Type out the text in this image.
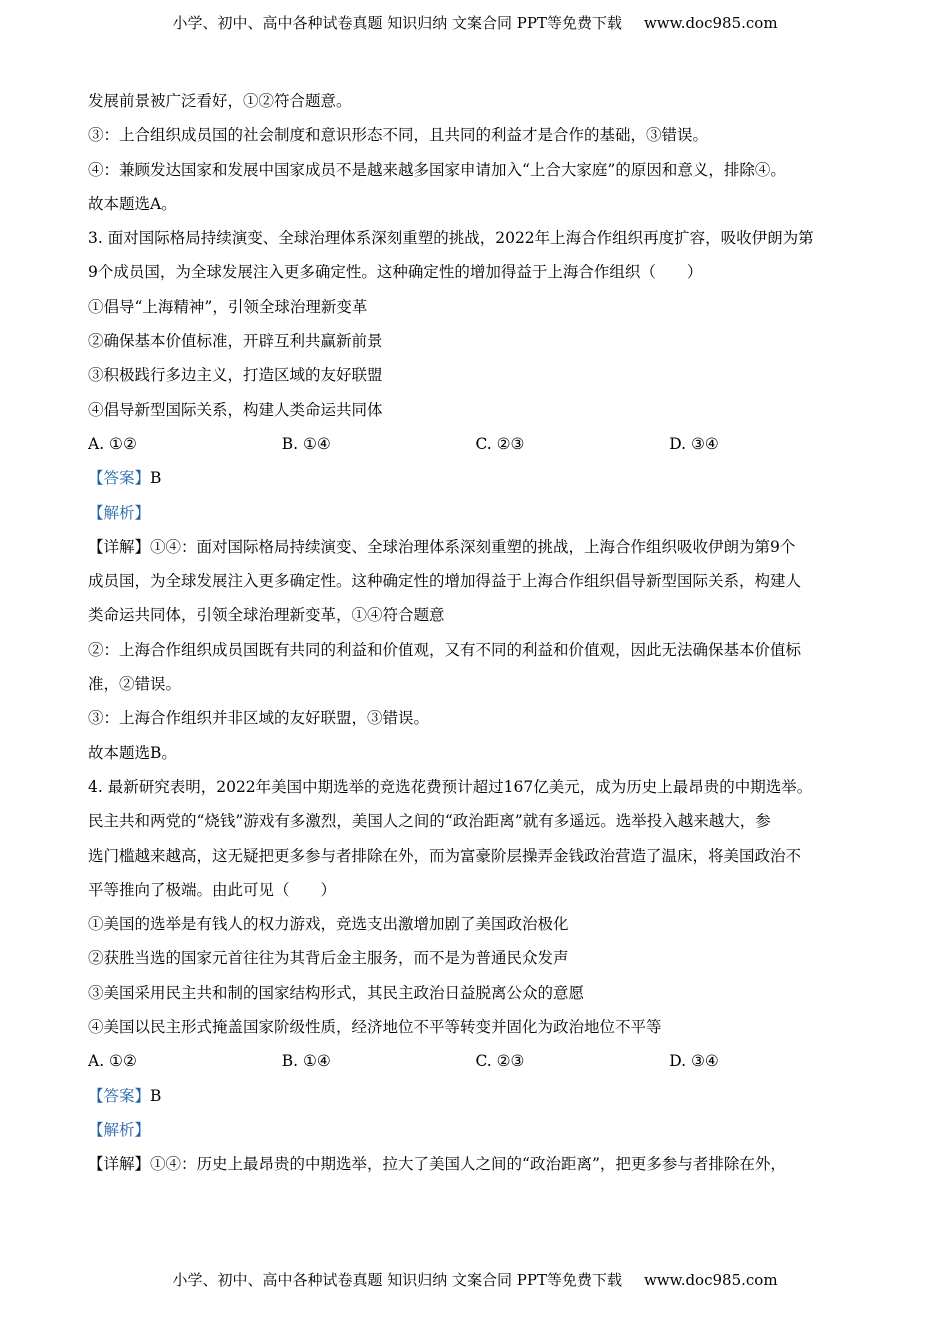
小学、初中、高中各种试卷真题 知识归纳 文案合同 PPT等免费下载 www.doc985.com
发展前景被广泛看好，①②符合题意。
③：上合组织成员国的社会制度和意识形态不同，且共同的利益才是合作的基础，③错误。
④：兼顾发达国家和发展中国家成员不是越来越多国家申请加入“上合大家庭”的原因和意义，排除④。
故本题选A。
3. 面对国际格局持续演变、全球治理体系深刻重塑的挑战，2022年上海合作组织再度扩容，吸收伊朗为第
9个成员国，为全球发展注入更多确定性。这种确定性的增加得益于上海合作组织（　　）
①倡导“上海精神”，引领全球治理新变革
②确保基本价值标准，开辟互利共赢新前景
③积极践行多边主义，打造区域的友好联盟
④倡导新型国际关系，构建人类命运共同体
A. ①②	B. ①④	C. ②③	D. ③④
【答案】B
【解析】
【详解】①④：面对国际格局持续演变、全球治理体系深刻重塑的挑战，上海合作组织吸收伊朗为第9个
成员国，为全球发展注入更多确定性。这种确定性的增加得益于上海合作组织倡导新型国际关系，构建人
类命运共同体，引领全球治理新变革，①④符合题意
②：上海合作组织成员国既有共同的利益和价值观，又有不同的利益和价值观，因此无法确保基本价值标
准，②错误。
③：上海合作组织并非区域的友好联盟，③错误。
故本题选B。
4. 最新研究表明，2022年美国中期选举的竞选花费预计超过167亿美元，成为历史上最昂贵的中期选举。
民主共和两党的“烧钱”游戏有多激烈，美国人之间的“政治距离”就有多遥远。选举投入越来越大，参
选门槛越来越高，这无疑把更多参与者排除在外，而为富豪阶层操弄金钱政治营造了温床，将美国政治不
平等推向了极端。由此可见（　　）
①美国的选举是有钱人的权力游戏，竞选支出激增加剧了美国政治极化
②获胜当选的国家元首往往为其背后金主服务，而不是为普通民众发声
③美国采用民主共和制的国家结构形式，其民主政治日益脱离公众的意愿
④美国以民主形式掩盖国家阶级性质，经济地位不平等转变并固化为政治地位不平等
A. ①②	B. ①④	C. ②③	D. ③④
【答案】B
【解析】
【详解】①④：历史上最昂贵的中期选举，拉大了美国人之间的“政治距离”，把更多参与者排除在外，
小学、初中、高中各种试卷真题 知识归纳 文案合同 PPT等免费下载 www.doc985.com
